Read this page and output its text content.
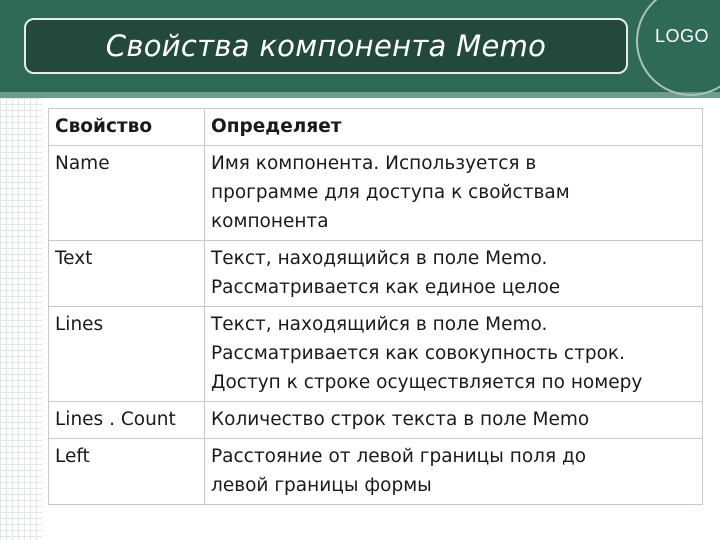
Свойства компонента Memo	LOGO
Свойство	Определяет
Name	Имя компонента. Используется в
программе для доступа к свойствам
компонента

Text	Текст, находящийся в поле Memo.
Рассматривается как единое целое

Lines	Текст, находящийся в поле Memo.
Рассматривается как совокупность строк.
Доступ к строке осуществляется по номеру

Lines . Count	Количество строк текста в поле Memo

Left	Расстояние от левой границы поля до
левой границы формы
